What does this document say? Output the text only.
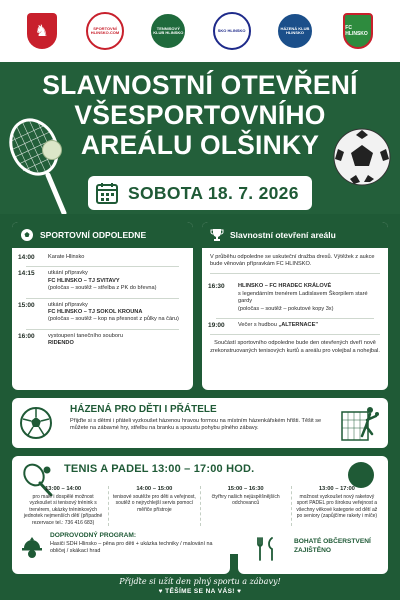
♞	SPORTOVNÍ HLINSKO.COM
TENNISOVÝ KLUB HLINSKO	SKO HLINSKO	HÁZENÁ KLUB HLINSKO
FC HLINSKO
SLAVNOSTNÍ OTEVŘENÍ
VŠESPORTOVNÍHO
AREÁLU OLŠINKY
SOBOTA 18. 7. 2026
SPORTOVNÍ ODPOLEDNE
14:00	Karate Hlinsko
14:15	utkání přípravky
FC HLINSKO – TJ SVITAVY
(poločas – soutěž – střelba z PK do břevna)
15:00	utkání přípravky
FC HLINSKO – TJ SOKOL KROUNA
(poločas – soutěž – kop na přesnost z půlky na čáru)
16:00	vystoupení tanečního souboru
RIDENDO
Slavnostní otevření areálu
V průběhu odpoledne se uskuteční dražba dresů. Výtěžek z aukce bude věnován přípravkám FC HLINSKO.
16:30	HLINSKO – FC HRADEC KRÁLOVÉ
s legendárním trenérem Ladislavem Škorpilem staré gardy
(poločas – soutěž – pokutové kopy 3x)
19:00	Večer s hudbou „ALTERNACE"
Součástí sportovního odpoledne bude den otevřených dveří nově zrekonstruovaných tenisových kurtů a areálu pro volejbal a nohejbal.
HÁZENÁ PRO DĚTI I PŘÁTELE
Přijďte si s dětmi i přáteli vyzkoušet házenou hravou formou na místním házenkářském hřišti. Těšit se můžete na zábavné hry, střelbu na branku a spoustu pohybu plného zábavy.
TENIS A PADEL 13:00 – 17:00 HOD.
13:00 – 14:00
pro malé i dospělé možnost vyzkoušet si tenisový trénink s trenérem, ukázky tréninkových jednotek nejmenších dětí (případné rezervace tel.: 736 416 683)
14:00 – 15:00
tenisové soutěže pro děti a veřejnost, soutěž o nejrychlejší servis pomocí měřiče přístroje
15:00 – 16:30
čtyřhry našich nejúspěšnějších odchovanců
13:00 – 17:00
možnost vyzkoušet nový raketový sport PADEL pro širokou veřejnost a všechny věkové kategorie od dětí až po seniory (zapůjčíme rakety i míče)
DOPROVODNÝ PROGRAM:
Hasiči SDH Hlinsko – pěna pro děti + ukázka techniky / malování na obličej / skákací hrad
BOHATÉ OBČERSTVENÍ ZAJIŠTĚNO
Přijďte si užít den plný sportu a zábavy!
♥ TĚŠÍME SE NA VÁS! ♥
